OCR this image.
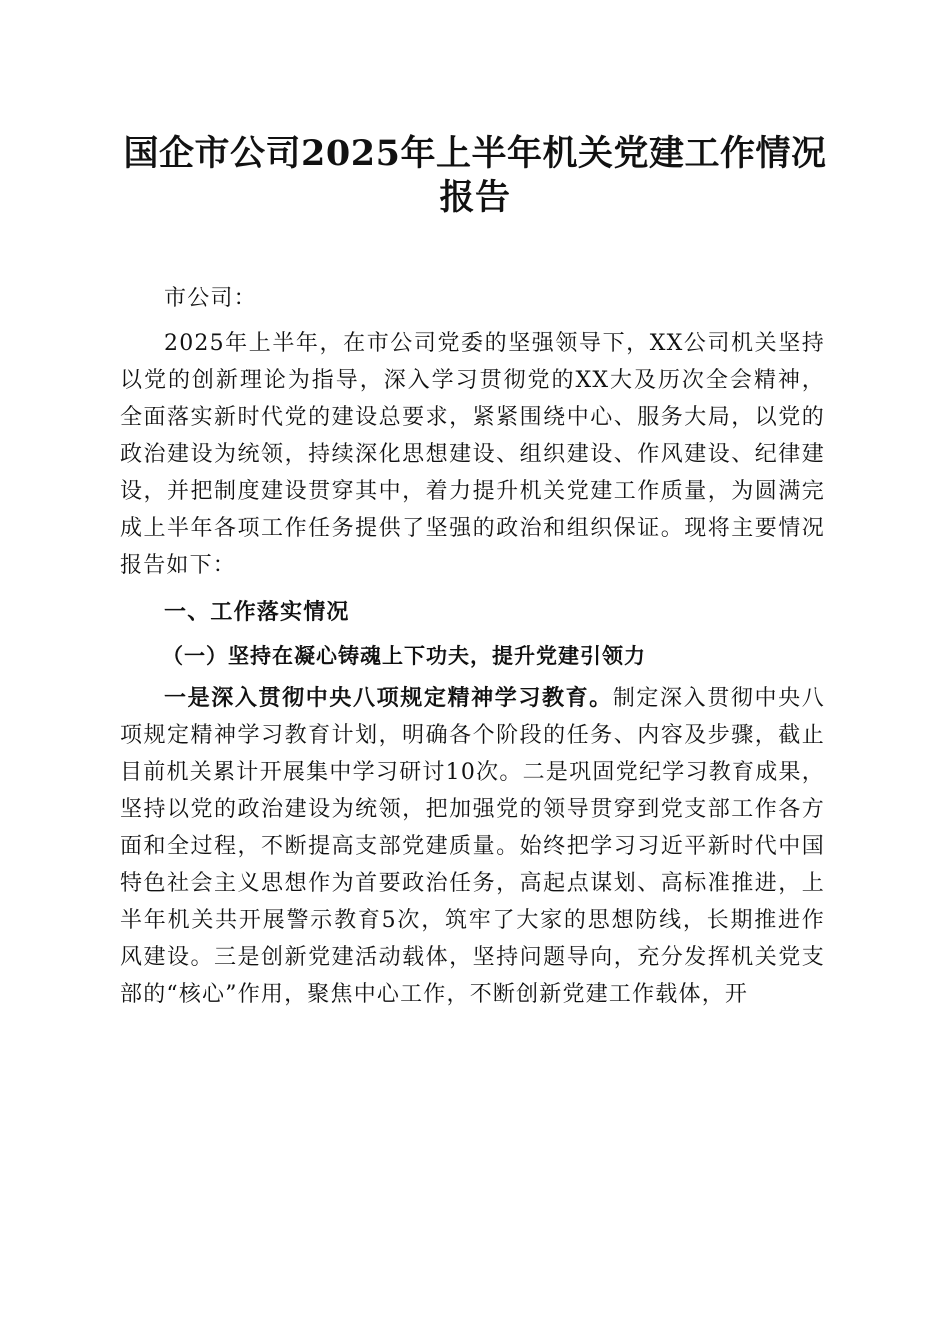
国企市公司2025年上半年机关党建工作情况
报告

市公司：

2025年上半年，在市公司党委的坚强领导下，XX公司机关坚持以党的创新理论为指导，深入学习贯彻党的XX大及历次全会精神，全面落实新时代党的建设总要求，紧紧围绕中心、服务大局，以党的政治建设为统领，持续深化思想建设、组织建设、作风建设、纪律建设，并把制度建设贯穿其中，着力提升机关党建工作质量，为圆满完成上半年各项工作任务提供了坚强的政治和组织保证。现将主要情况报告如下：

一、工作落实情况

（一）坚持在凝心铸魂上下功夫，提升党建引领力

一是深入贯彻中央八项规定精神学习教育。制定深入贯彻中央八项规定精神学习教育计划，明确各个阶段的任务、内容及步骤，截止目前机关累计开展集中学习研讨10次。二是巩固党纪学习教育成果，坚持以党的政治建设为统领，把加强党的领导贯穿到党支部工作各方面和全过程，不断提高支部党建质量。始终把学习习近平新时代中国特色社会主义思想作为首要政治任务，高起点谋划、高标准推进，上半年机关共开展警示教育5次，筑牢了大家的思想防线，长期推进作风建设。三是创新党建活动载体，坚持问题导向，充分发挥机关党支部的“核心”作用，聚焦中心工作，不断创新党建工作载体，开
